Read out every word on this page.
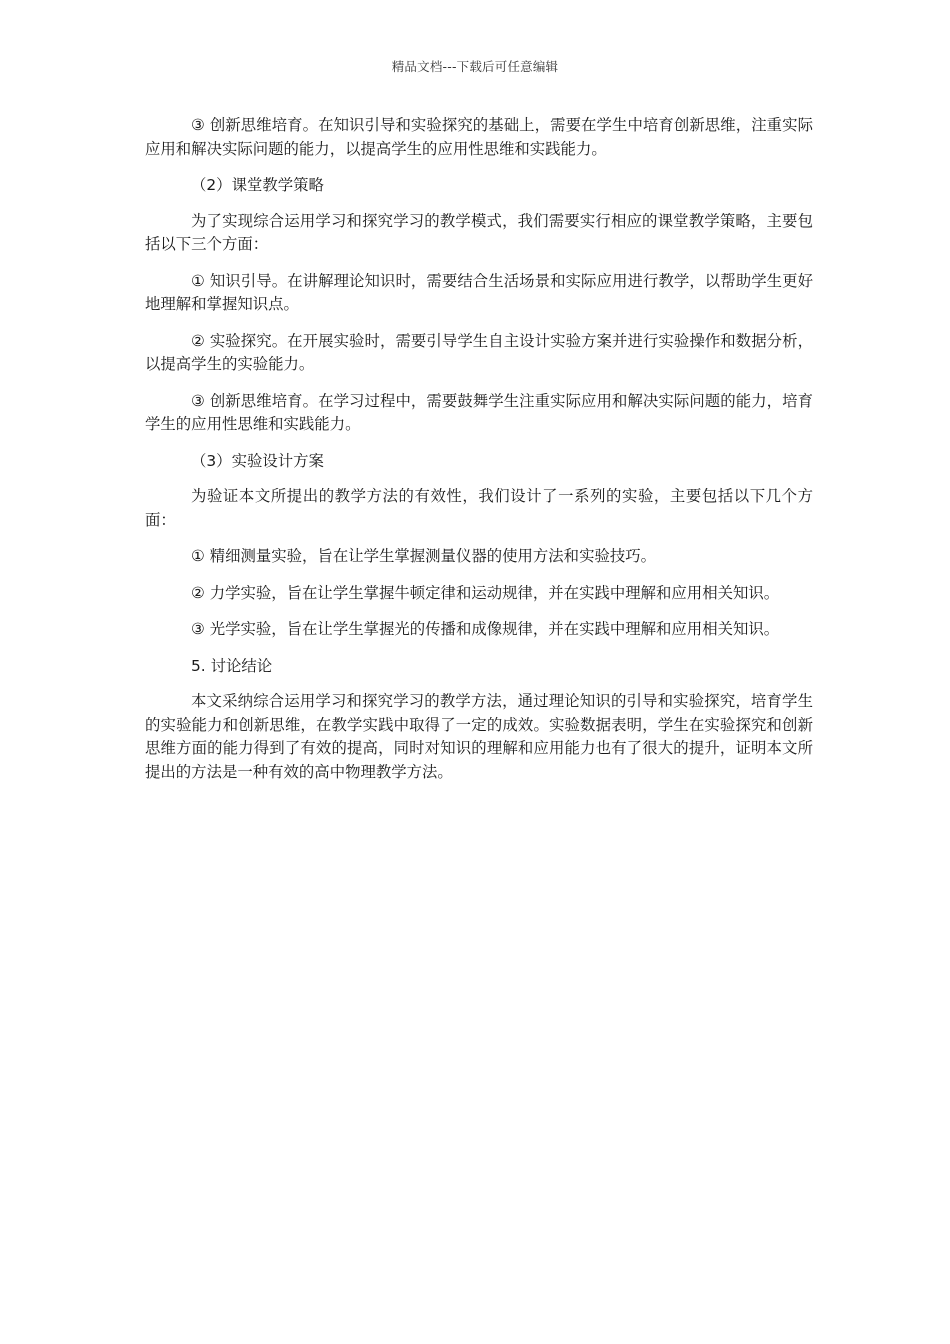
精品文档---下载后可任意编辑

③ 创新思维培育。在知识引导和实验探究的基础上，需要在学生中培育创新思维，注重实际应用和解决实际问题的能力，以提高学生的应用性思维和实践能力。

（2）课堂教学策略

为了实现综合运用学习和探究学习的教学模式，我们需要实行相应的课堂教学策略，主要包括以下三个方面：

① 知识引导。在讲解理论知识时，需要结合生活场景和实际应用进行教学，以帮助学生更好地理解和掌握知识点。

② 实验探究。在开展实验时，需要引导学生自主设计实验方案并进行实验操作和数据分析，以提高学生的实验能力。

③ 创新思维培育。在学习过程中，需要鼓舞学生注重实际应用和解决实际问题的能力，培育学生的应用性思维和实践能力。

（3）实验设计方案

为验证本文所提出的教学方法的有效性，我们设计了一系列的实验，主要包括以下几个方面：

① 精细测量实验，旨在让学生掌握测量仪器的使用方法和实验技巧。

② 力学实验，旨在让学生掌握牛顿定律和运动规律，并在实践中理解和应用相关知识。

③ 光学实验，旨在让学生掌握光的传播和成像规律，并在实践中理解和应用相关知识。

5. 讨论结论

本文采纳综合运用学习和探究学习的教学方法，通过理论知识的引导和实验探究，培育学生的实验能力和创新思维，在教学实践中取得了一定的成效。实验数据表明，学生在实验探究和创新思维方面的能力得到了有效的提高，同时对知识的理解和应用能力也有了很大的提升，证明本文所提出的方法是一种有效的高中物理教学方法。
